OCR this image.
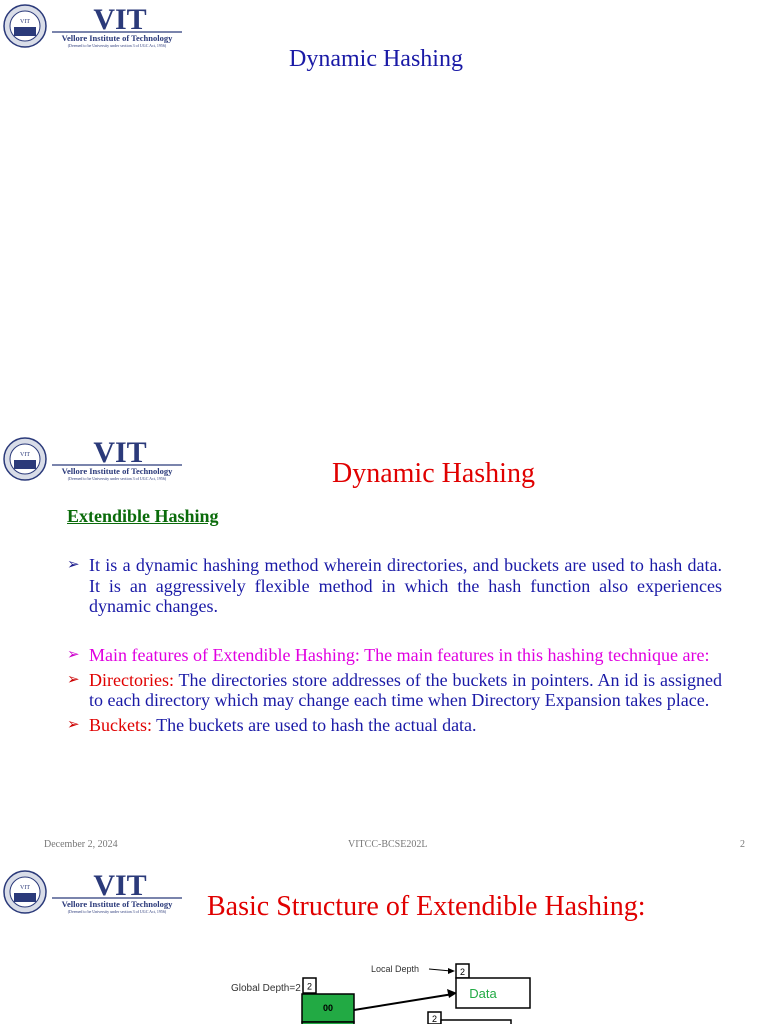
VIT VIT
Vellore Institute of Technology
(Deemed to be University under section 3 of UGC Act, 1956)
Dynamic Hashing
VIT VIT
Vellore Institute of Technology
(Deemed to be University under section 3 of UGC Act, 1956)	Dynamic Hashing
Extendible Hashing
➢ It is a dynamic hashing method wherein directories, and buckets are used to hash data. It is an aggressively flexible method in which the hash function also experiences dynamic changes.
➢ Main features of Extendible Hashing: The main features in this hashing technique are:
➢ Directories: The directories store addresses of the buckets in pointers. An id is assigned to each directory which may change each time when Directory Expansion takes place.
➢ Buckets: The buckets are used to hash the actual data.
December 2, 2024	VITCC-BCSE202L	2
VIT VIT
Vellore Institute of Technology
(Deemed to be University under section 3 of UGC Act, 1956) Basic Structure of Extendible Hashing:
Global Depth=2 2
00
Local Depth	2
Data
2
